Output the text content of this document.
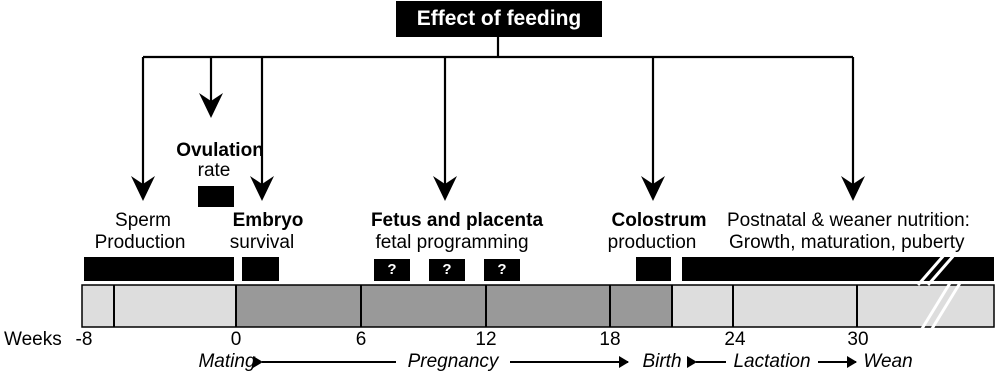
Effect of feeding
Ovulation
rate
Sperm
Production
Embryo
survival
Fetus and placenta
fetal programming
Colostrum
production
Postnatal & weaner nutrition:
Growth, maturation, puberty
?	?	?
Weeks -8	0	6	12	18	24	30
Mating	Pregnancy	Birth	Lactation	Wean
